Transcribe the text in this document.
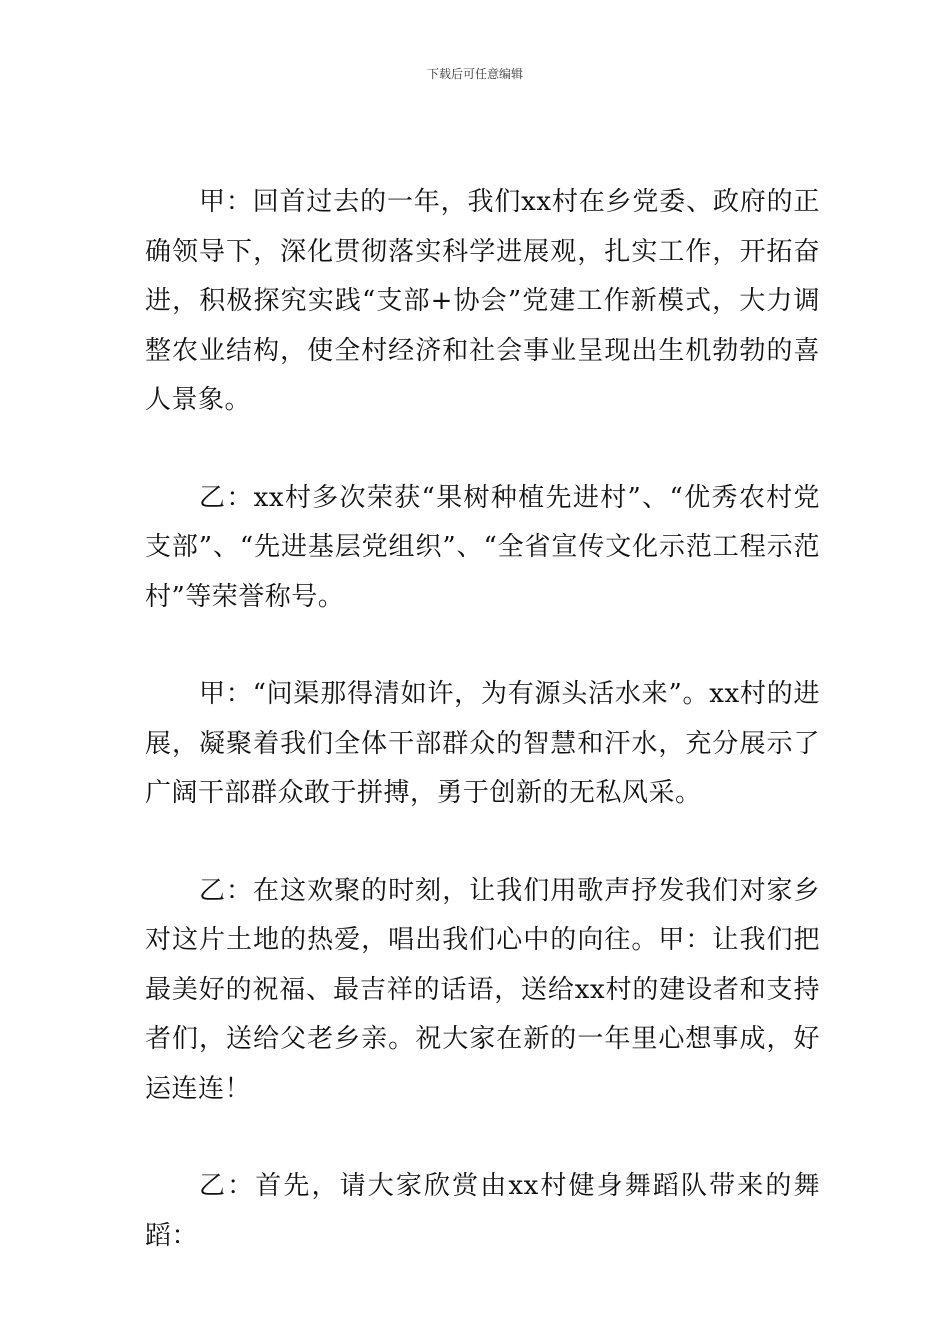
下载后可任意编辑

甲：回首过去的一年，我们xx村在乡党委、政府的正确领导下，深化贯彻落实科学进展观，扎实工作，开拓奋进，积极探究实践“支部+协会”党建工作新模式，大力调整农业结构，使全村经济和社会事业呈现出生机勃勃的喜人景象。

乙：xx村多次荣获“果树种植先进村”、“优秀农村党支部”、“先进基层党组织”、“全省宣传文化示范工程示范村”等荣誉称号。

甲：“问渠那得清如许，为有源头活水来”。xx村的进展，凝聚着我们全体干部群众的智慧和汗水，充分展示了广阔干部群众敢于拼搏，勇于创新的无私风采。

乙：在这欢聚的时刻，让我们用歌声抒发我们对家乡对这片土地的热爱，唱出我们心中的向往。甲：让我们把最美好的祝福、最吉祥的话语，送给xx村的建设者和支持者们，送给父老乡亲。祝大家在新的一年里心想事成，好运连连！

乙：首先，请大家欣赏由xx村健身舞蹈队带来的舞蹈：
